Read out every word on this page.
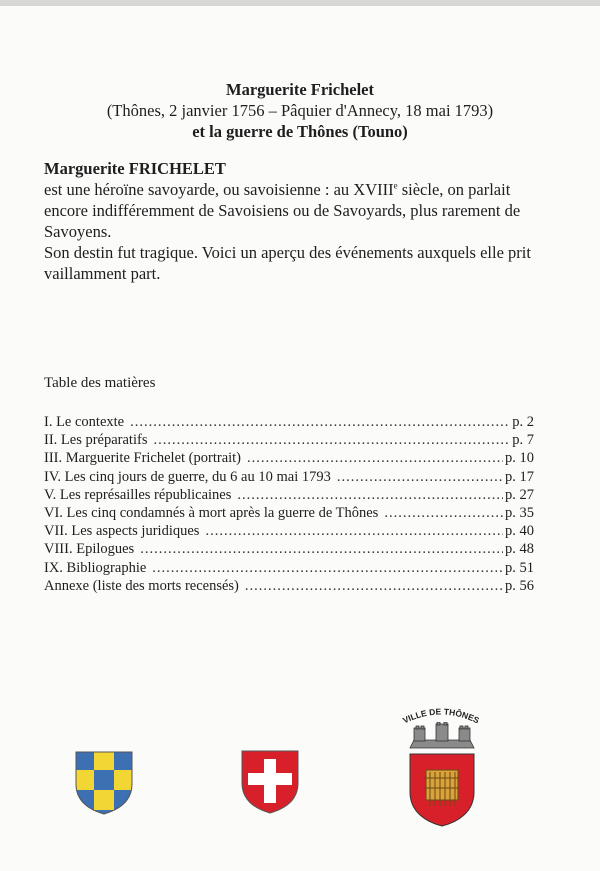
Marguerite Frichelet
(Thônes, 2 janvier 1756 – Pâquier d'Annecy, 18 mai 1793)
et la guerre de Thônes (Touno)
Marguerite FRICHELET
est une héroïne savoyarde, ou savoisienne : au XVIIIe siècle, on parlait encore indifféremment de Savoisiens ou de Savoyards, plus rarement de Savoyens.
Son destin fut tragique. Voici un aperçu des événements auxquels elle prit vaillamment part.
Table des matières
I. Le contexte .....	p. 2
II. Les préparatifs .....	p. 7
III. Marguerite Frichelet (portrait) .....	p. 10
IV. Les cinq jours de guerre, du 6 au 10 mai 1793 .....	p. 17
V. Les représailles républicaines .....	p. 27
VI. Les cinq condamnés à mort après la guerre de Thônes .....	p. 35
VII. Les aspects juridiques .....	p. 40
VIII. Epilogues .....	p. 48
IX. Bibliographie .....	p. 51
Annexe (liste des morts recensés) .....	p. 56
VILLE DE THÔNES
